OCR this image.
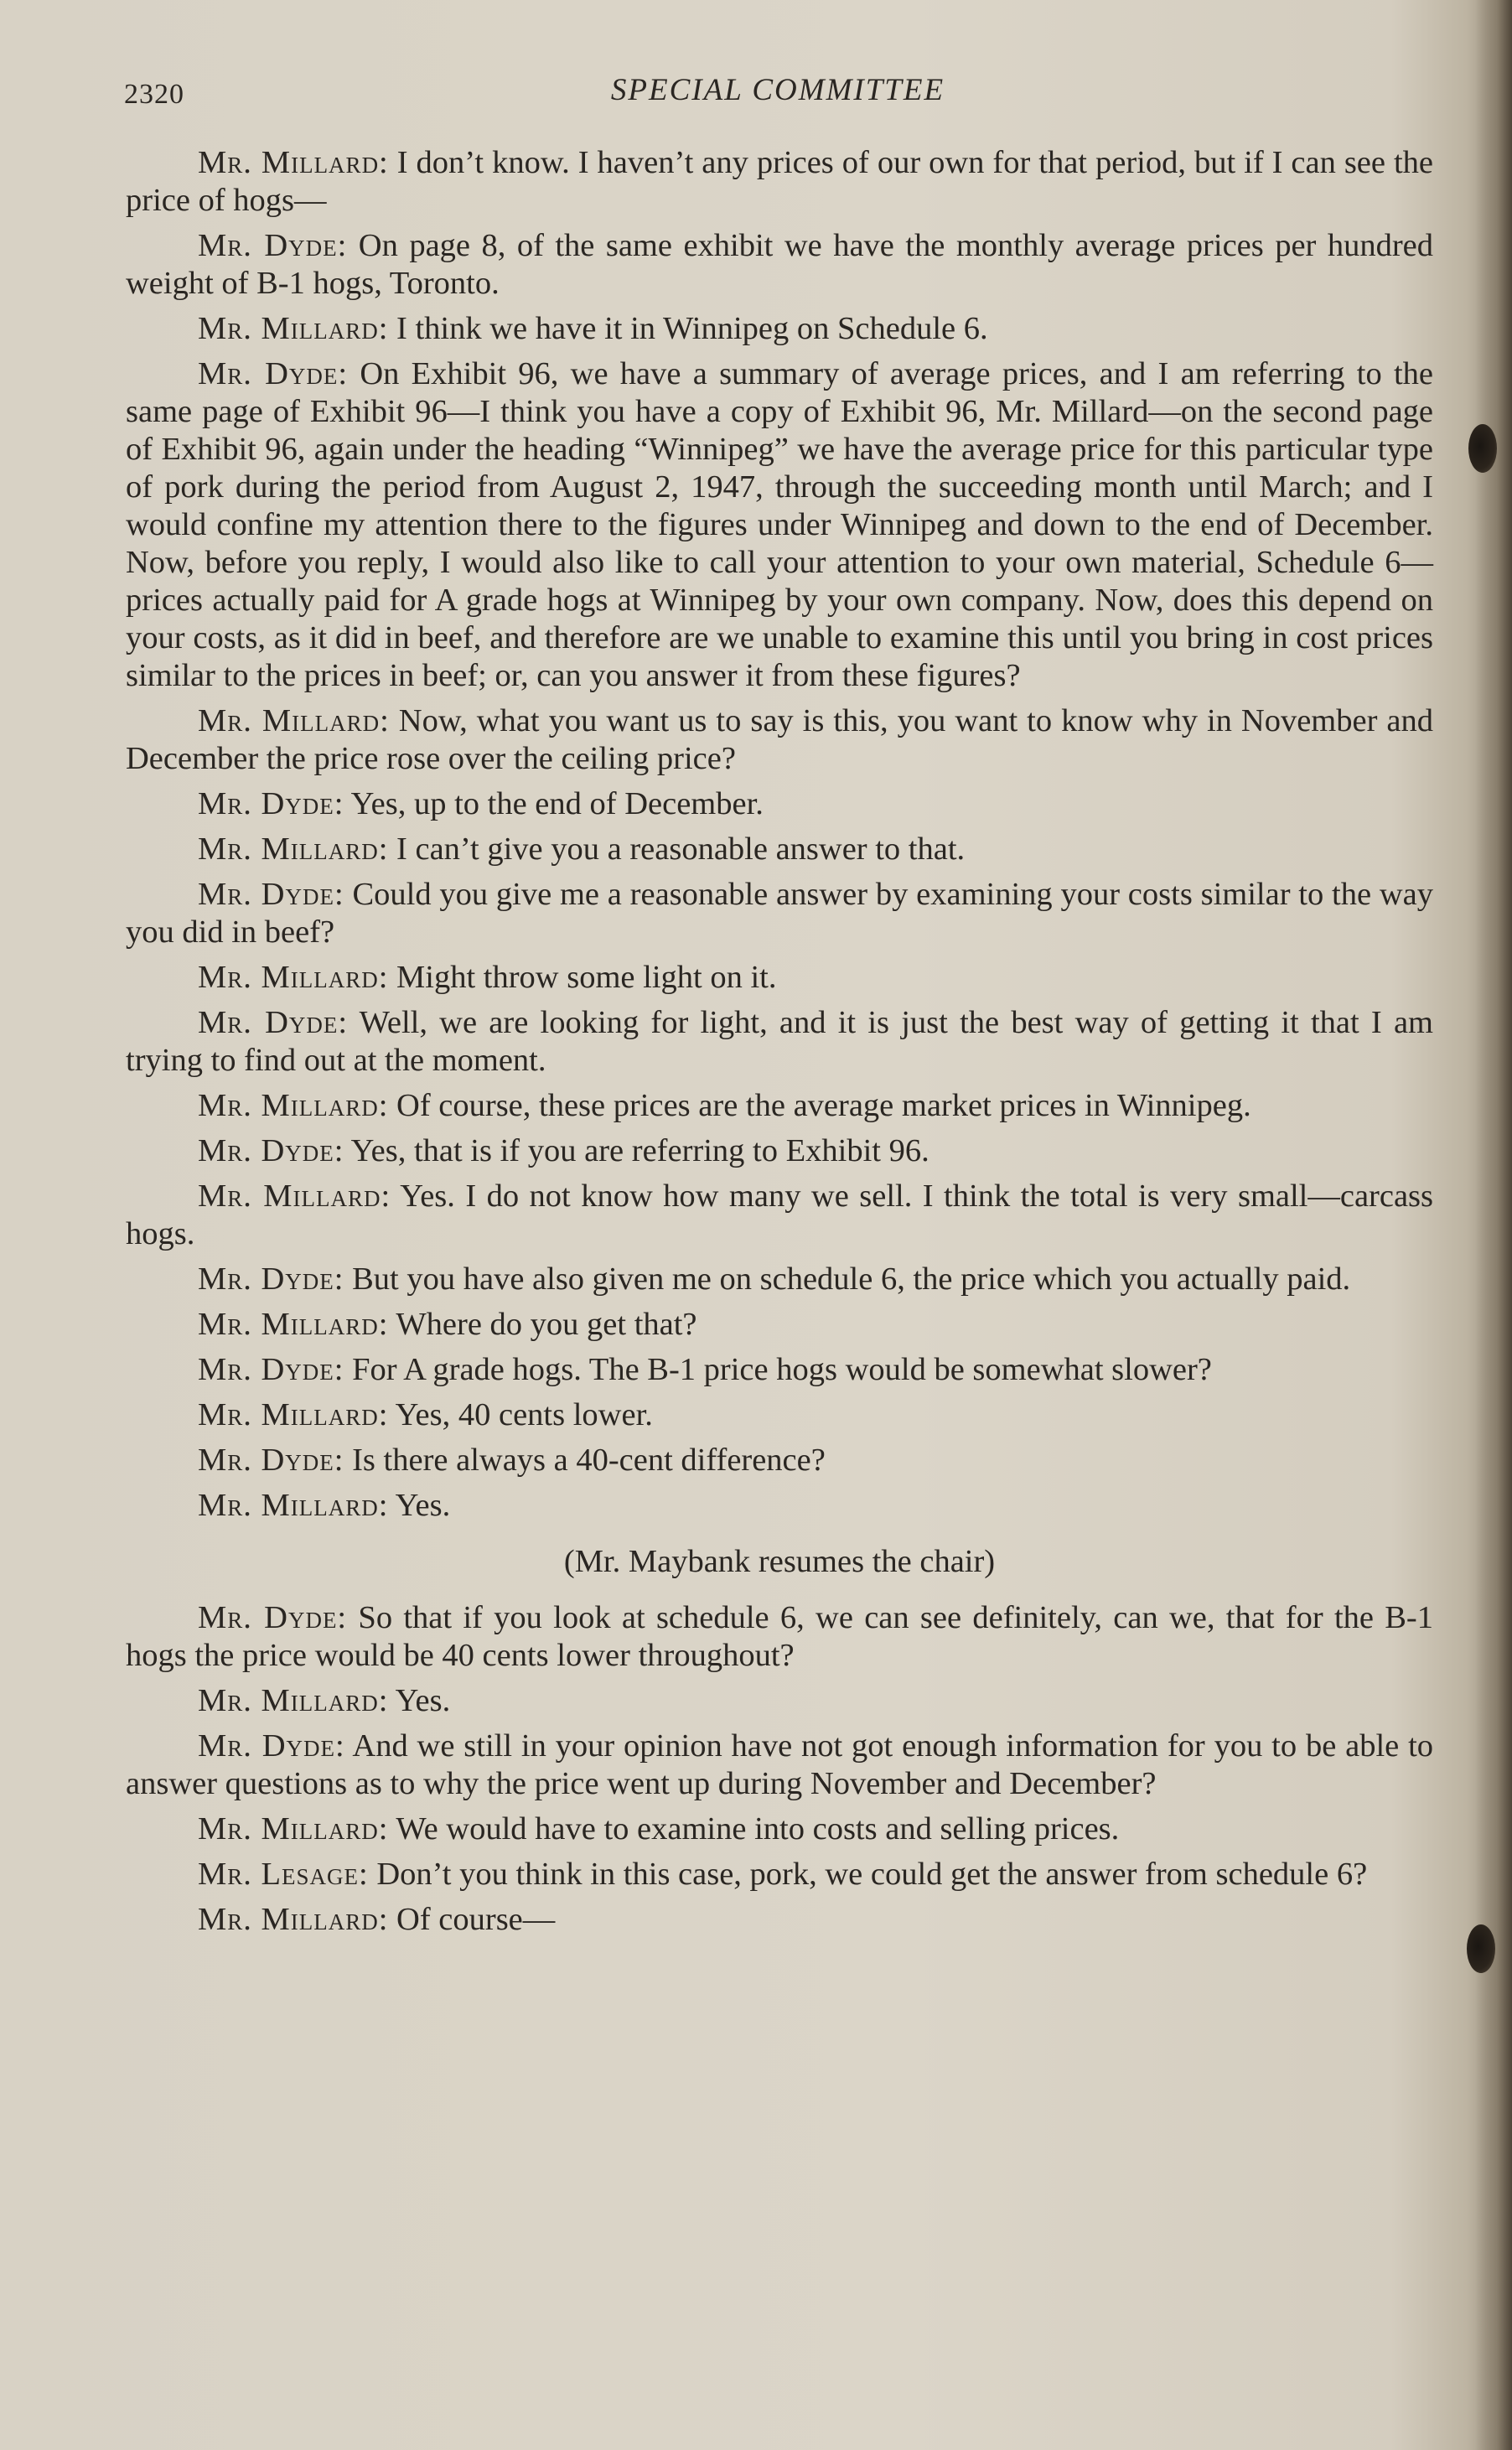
2320	SPECIAL COMMITTEE

Mr. Millard: I don’t know. I haven’t any prices of our own for that period, but if I can see the price of hogs—

Mr. Dyde: On page 8, of the same exhibit we have the monthly average prices per hundred weight of B-1 hogs, Toronto.

Mr. Millard: I think we have it in Winnipeg on Schedule 6.

Mr. Dyde: On Exhibit 96, we have a summary of average prices, and I am referring to the same page of Exhibit 96—I think you have a copy of Exhibit 96, Mr. Millard—on the second page of Exhibit 96, again under the heading “Winnipeg” we have the average price for this particular type of pork during the period from August 2, 1947, through the succeeding month until March; and I would confine my attention there to the figures under Winnipeg and down to the end of December. Now, before you reply, I would also like to call your attention to your own material, Schedule 6—prices actually paid for A grade hogs at Winnipeg by your own company. Now, does this depend on your costs, as it did in beef, and therefore are we unable to examine this until you bring in cost prices similar to the prices in beef; or, can you answer it from these figures?

Mr. Millard: Now, what you want us to say is this, you want to know why in November and December the price rose over the ceiling price?

Mr. Dyde: Yes, up to the end of December.

Mr. Millard: I can’t give you a reasonable answer to that.

Mr. Dyde: Could you give me a reasonable answer by examining your costs similar to the way you did in beef?

Mr. Millard: Might throw some light on it.

Mr. Dyde: Well, we are looking for light, and it is just the best way of getting it that I am trying to find out at the moment.

Mr. Millard: Of course, these prices are the average market prices in Winnipeg.

Mr. Dyde: Yes, that is if you are referring to Exhibit 96.

Mr. Millard: Yes. I do not know how many we sell. I think the total is very small—carcass hogs.

Mr. Dyde: But you have also given me on schedule 6, the price which you actually paid.

Mr. Millard: Where do you get that?

Mr. Dyde: For A grade hogs. The B-1 price hogs would be somewhat slower?

Mr. Millard: Yes, 40 cents lower.

Mr. Dyde: Is there always a 40-cent difference?

Mr. Millard: Yes.

(Mr. Maybank resumes the chair)

Mr. Dyde: So that if you look at schedule 6, we can see definitely, can we, that for the B-1 hogs the price would be 40 cents lower throughout?

Mr. Millard: Yes.

Mr. Dyde: And we still in your opinion have not got enough information for you to be able to answer questions as to why the price went up during November and December?

Mr. Millard: We would have to examine into costs and selling prices.

Mr. Lesage: Don’t you think in this case, pork, we could get the answer from schedule 6?

Mr. Millard: Of course—
